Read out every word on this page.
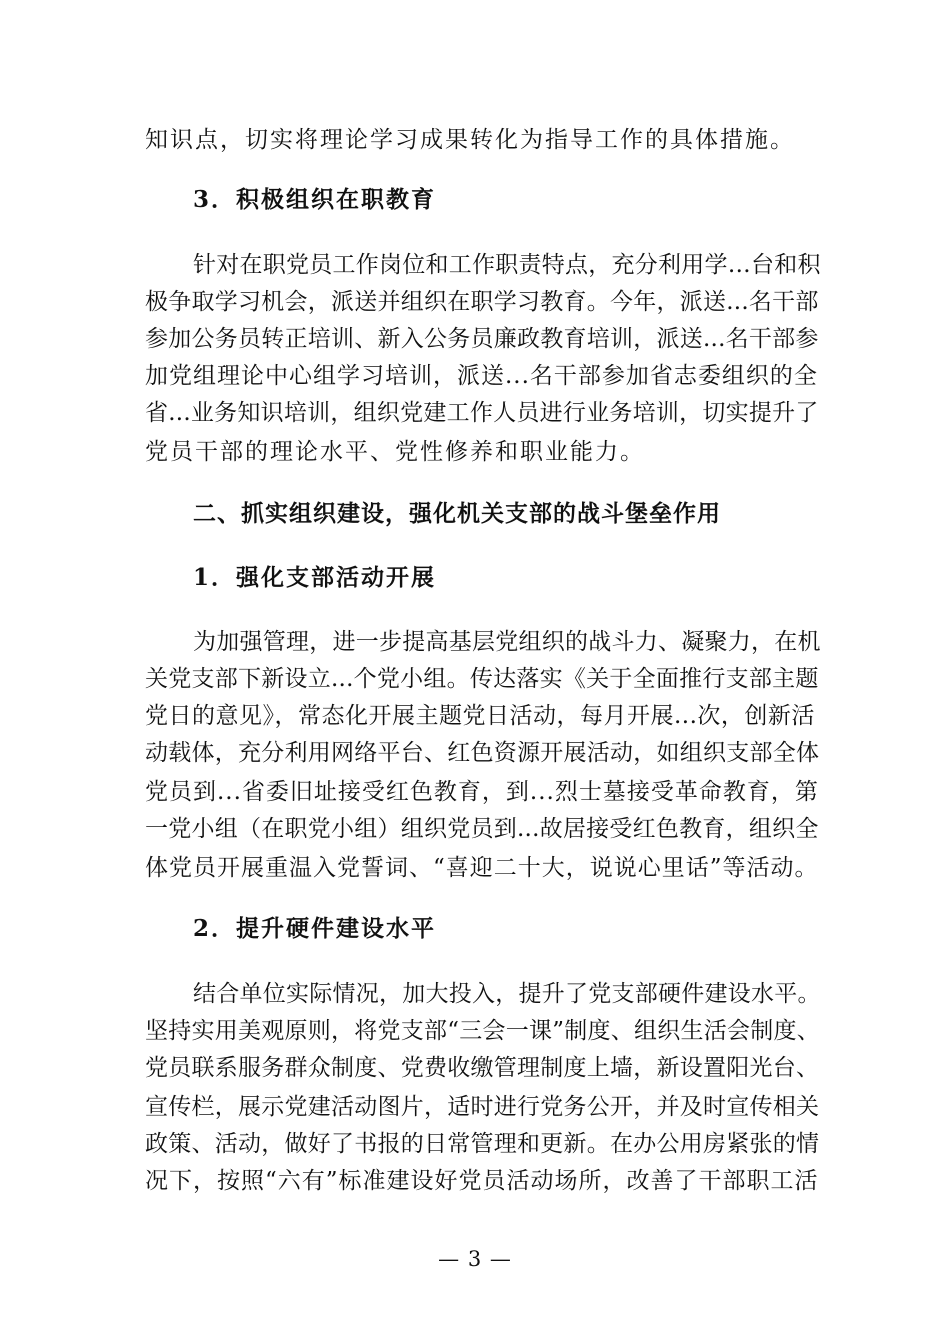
知识点，切实将理论学习成果转化为指导工作的具体措施。
3．积极组织在职教育
针对在职党员工作岗位和工作职责特点，充分利用学…台和积
极争取学习机会，派送并组织在职学习教育。今年，派送...名干部
参加公务员转正培训、新入公务员廉政教育培训，派送...名干部参
加党组理论中心组学习培训，派送...名干部参加省志委组织的全
省...业务知识培训，组织党建工作人员进行业务培训，切实提升了
党员干部的理论水平、党性修养和职业能力。
二、抓实组织建设，强化机关支部的战斗堡垒作用
1．强化支部活动开展
为加强管理，进一步提高基层党组织的战斗力、凝聚力，在机
关党支部下新设立...个党小组。传达落实《关于全面推行支部主题
党日的意见》，常态化开展主题党日活动，每月开展...次，创新活
动载体，充分利用网络平台、红色资源开展活动，如组织支部全体
党员到...省委旧址接受红色教育，到...烈士墓接受革命教育，第
一党小组（在职党小组）组织党员到...故居接受红色教育，组织全
体党员开展重温入党誓词、“喜迎二十大，说说心里话”等活动。
2．提升硬件建设水平
结合单位实际情况，加大投入，提升了党支部硬件建设水平。
坚持实用美观原则，将党支部“三会一课”制度、组织生活会制度、
党员联系服务群众制度、党费收缴管理制度上墙，新设置阳光台、
宣传栏，展示党建活动图片，适时进行党务公开，并及时宣传相关
政策、活动，做好了书报的日常管理和更新。在办公用房紧张的情
况下，按照“六有”标准建设好党员活动场所，改善了干部职工活
— 3 —
